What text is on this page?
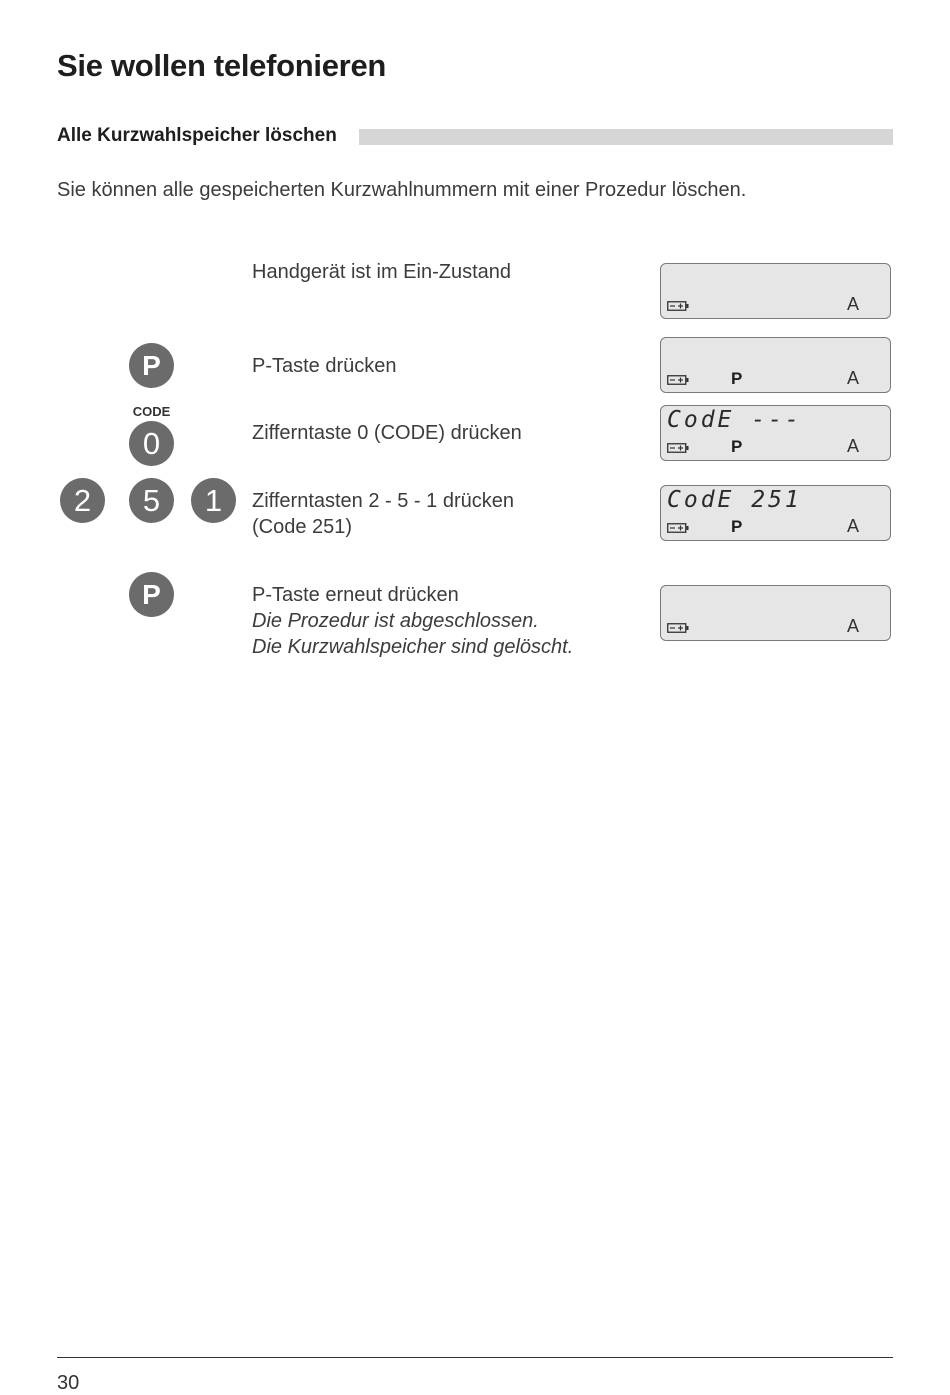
Sie wollen telefonieren
Alle Kurzwahlspeicher löschen

Sie können alle gespeicherten Kurzwahlnummern mit einer Prozedur löschen.

Handgerät ist im Ein-Zustand
A
P	P-Taste drücken
P	A
CODE
0	Zifferntaste 0 (CODE) drücken	CodE ---
P	A
2	5	1	Zifferntasten 2 - 5 - 1 drücken
(Code 251)
CodE 251
P	A
P	P-Taste erneut drücken
Die Prozedur ist abgeschlossen.
Die Kurzwahlspeicher sind gelöscht.
A
30
